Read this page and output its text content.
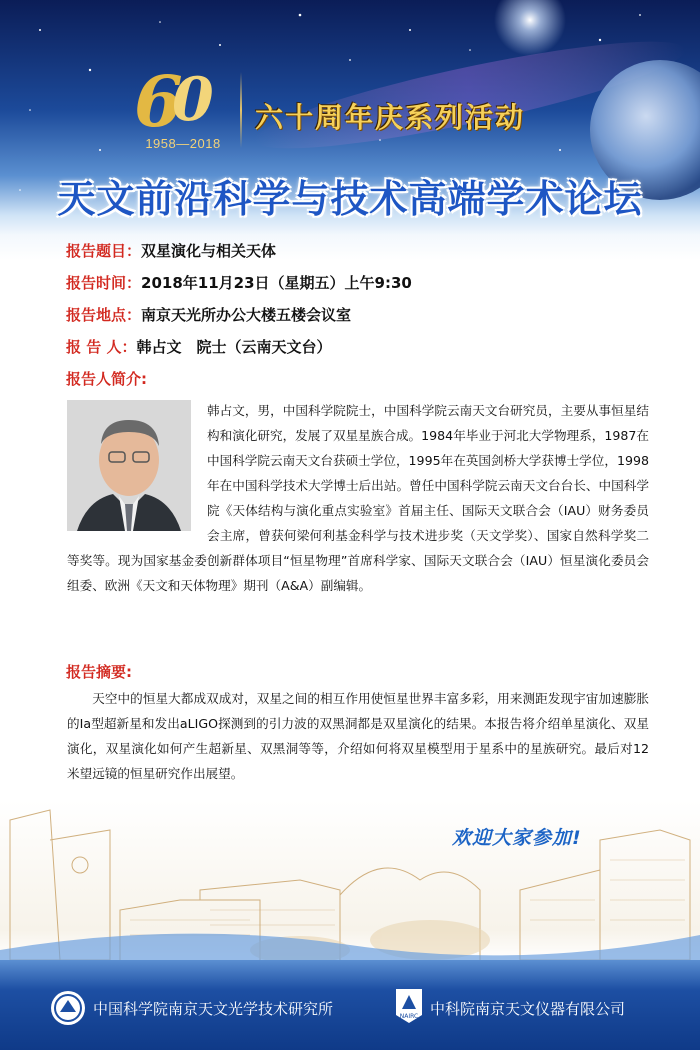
6
0
1958—2018
六十周年庆系列活动
天文前沿科学与技术高端学术论坛
报告题目： 双星演化与相关天体
报告时间： 2018年11月23日（星期五）上午9:30
报告地点： 南京天光所办公大楼五楼会议室
报 告 人： 韩占文　院士（云南天文台）
报告人简介:
韩占文，男，中国科学院院士，中国科学院云南天文台研究员，主要从事恒星结构和演化研究，发展了双星星族合成。1984年毕业于河北大学物理系，1987在中国科学院云南天文台获硕士学位，1995年在英国剑桥大学获博士学位，1998年在中国科学技术大学博士后出站。曾任中国科学院云南天文台台长、中国科学院《天体结构与演化重点实验室》首届主任、国际天文联合会（IAU）财务委员会主席，曾获何梁何利基金科学与技术进步奖（天文学奖）、国家自然科学奖二等奖等。现为国家基金委创新群体项目“恒星物理”首席科学家、国际天文联合会（IAU）恒星演化委员会组委、欧洲《天文和天体物理》期刊（A&A）副编辑。
报告摘要:
天空中的恒星大都成双成对，双星之间的相互作用使恒星世界丰富多彩，用来测距发现宇宙加速膨胀的Ia型超新星和发出aLIGO探测到的引力波的双黑洞都是双星演化的结果。本报告将介绍单星演化、双星演化，双星演化如何产生超新星、双黑洞等等，介绍如何将双星模型用于星系中的星族研究。最后对12米望远镜的恒星研究作出展望。
欢迎大家参加!
中国科学院南京天文光学技术研究所	NAIRC 中科院南京天文仪器有限公司
